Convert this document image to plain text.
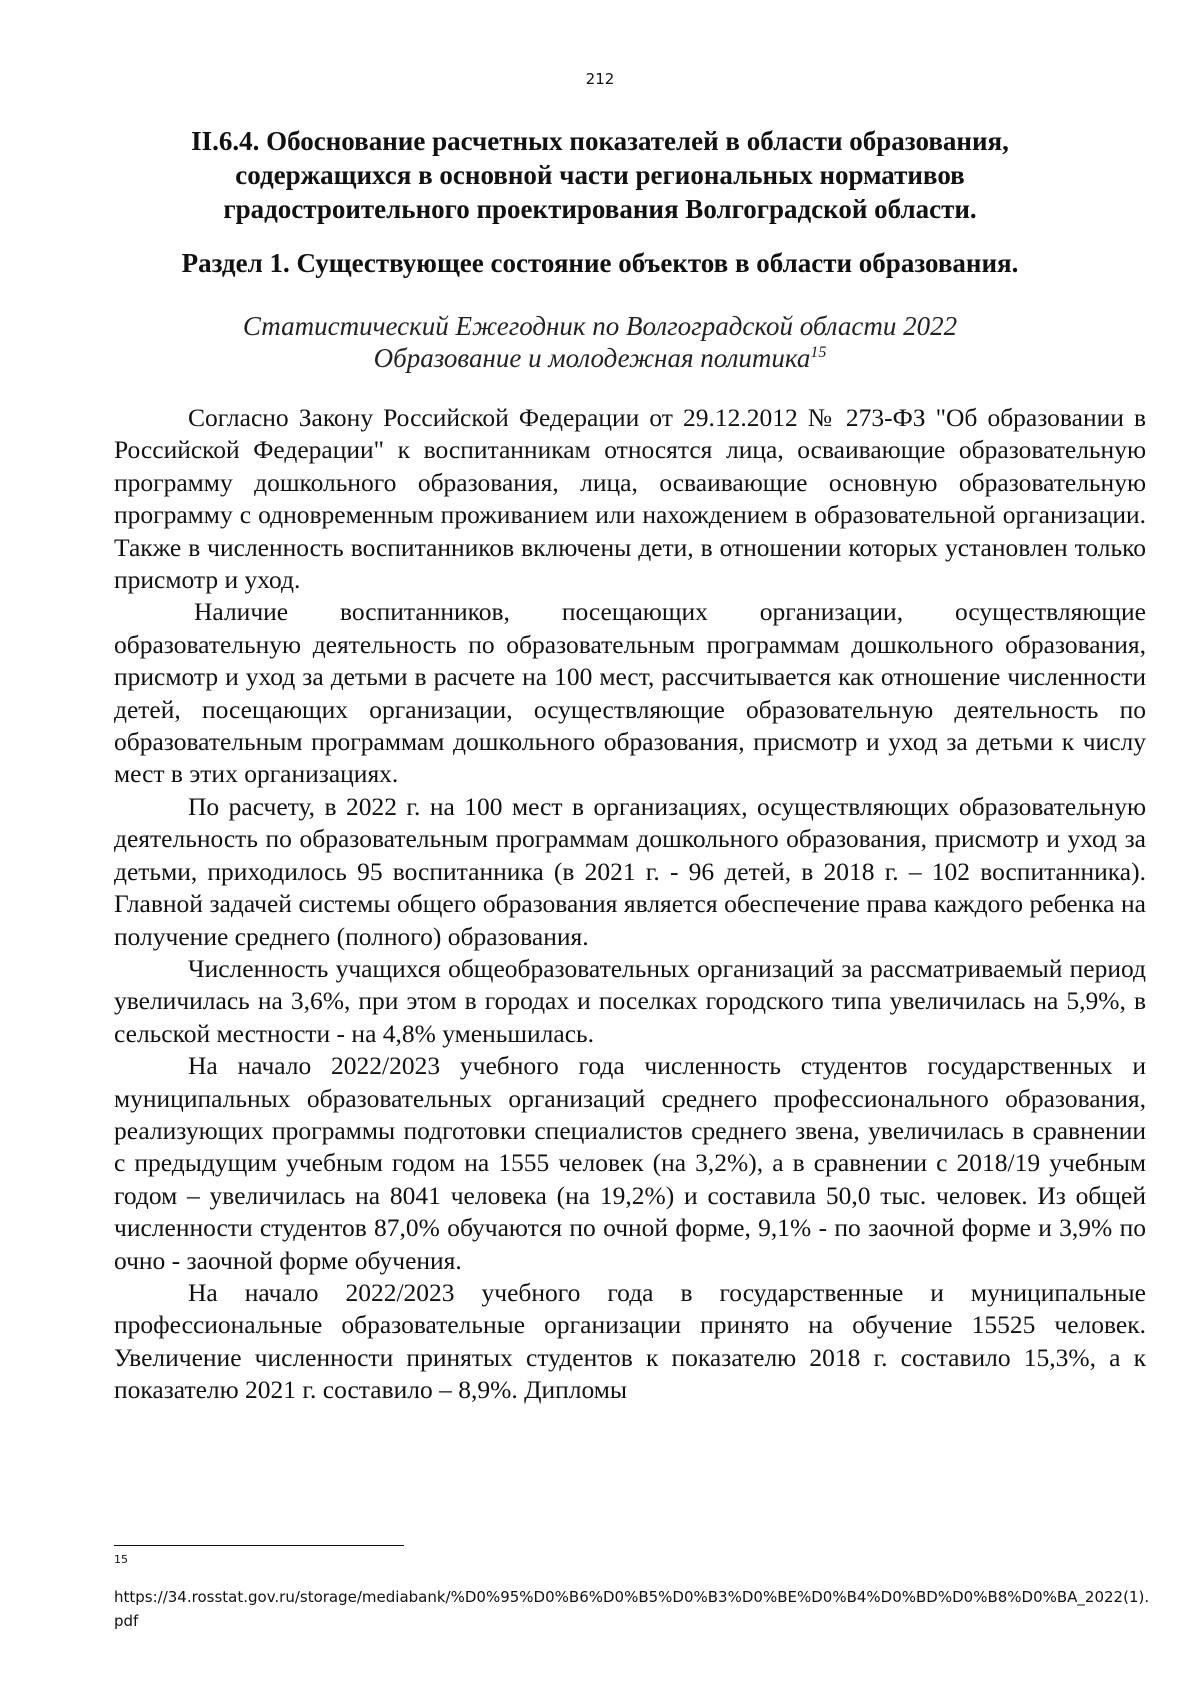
212
II.6.4. Обоснование расчетных показателей в области образования,
содержащихся в основной части региональных нормативов
градостроительного проектирования Волгоградской области.
Раздел 1. Существующее состояние объектов в области образования.
Статистический Ежегодник по Волгоградской области 2022
Образование и молодежная политика$^{15}$

Согласно Закону Российской Федерации от 29.12.2012 № 273-ФЗ "Об образовании в Российской Федерации" к воспитанникам относятся лица, осваивающие образовательную программу дошкольного образования, лица, осваивающие основную образовательную программу с одновременным проживанием или нахождением в образовательной организации. Также в численность воспитанников включены дети, в отношении которых установлен только присмотр и уход.

Наличие воспитанников, посещающих организации, осуществляющие образовательную деятельность по образовательным программам дошкольного образования, присмотр и уход за детьми в расчете на 100 мест, рассчитывается как отношение численности детей, посещающих организации, осуществляющие образовательную деятельность по образовательным программам дошкольного образования, присмотр и уход за детьми к числу мест в этих организациях.

По расчету, в 2022 г. на 100 мест в организациях, осуществляющих образовательную деятельность по образовательным программам дошкольного образования, присмотр и уход за детьми, приходилось 95 воспитанника (в 2021 г. - 96 детей, в 2018 г. – 102 воспитанника). Главной задачей системы общего образования является обеспечение права каждого ребенка на получение среднего (полного) образования.

Численность учащихся общеобразовательных организаций за рассматриваемый период увеличилась на 3,6%, при этом в городах и поселках городского типа увеличилась на 5,9%, в сельской местности - на 4,8% уменьшилась.

На начало 2022/2023 учебного года численность студентов государственных и муниципальных образовательных организаций среднего профессионального образования, реализующих программы подготовки специалистов среднего звена, увеличилась в сравнении с предыдущим учебным годом на 1555 человек (на 3,2%), а в сравнении с 2018/19 учебным годом – увеличилась на 8041 человека (на 19,2%) и составила 50,0 тыс. человек. Из общей численности студентов 87,0% обучаются по очной форме, 9,1% - по заочной форме и 3,9% по очно - заочной форме обучения.

На начало 2022/2023 учебного года в государственные и муниципальные профессиональные образовательные организации принято на обучение 15525 человек. Увеличение численности принятых студентов к показателю 2018 г. составило 15,3%, а к показателю 2021 г. составило – 8,9%. Дипломы

15
https://34.rosstat.gov.ru/storage/mediabank/%D0%95%D0%B6%D0%B5%D0%B3%D0%BE%D0%B4%D0%BD%D0%B8%D0%BA_2022(1).pdf
